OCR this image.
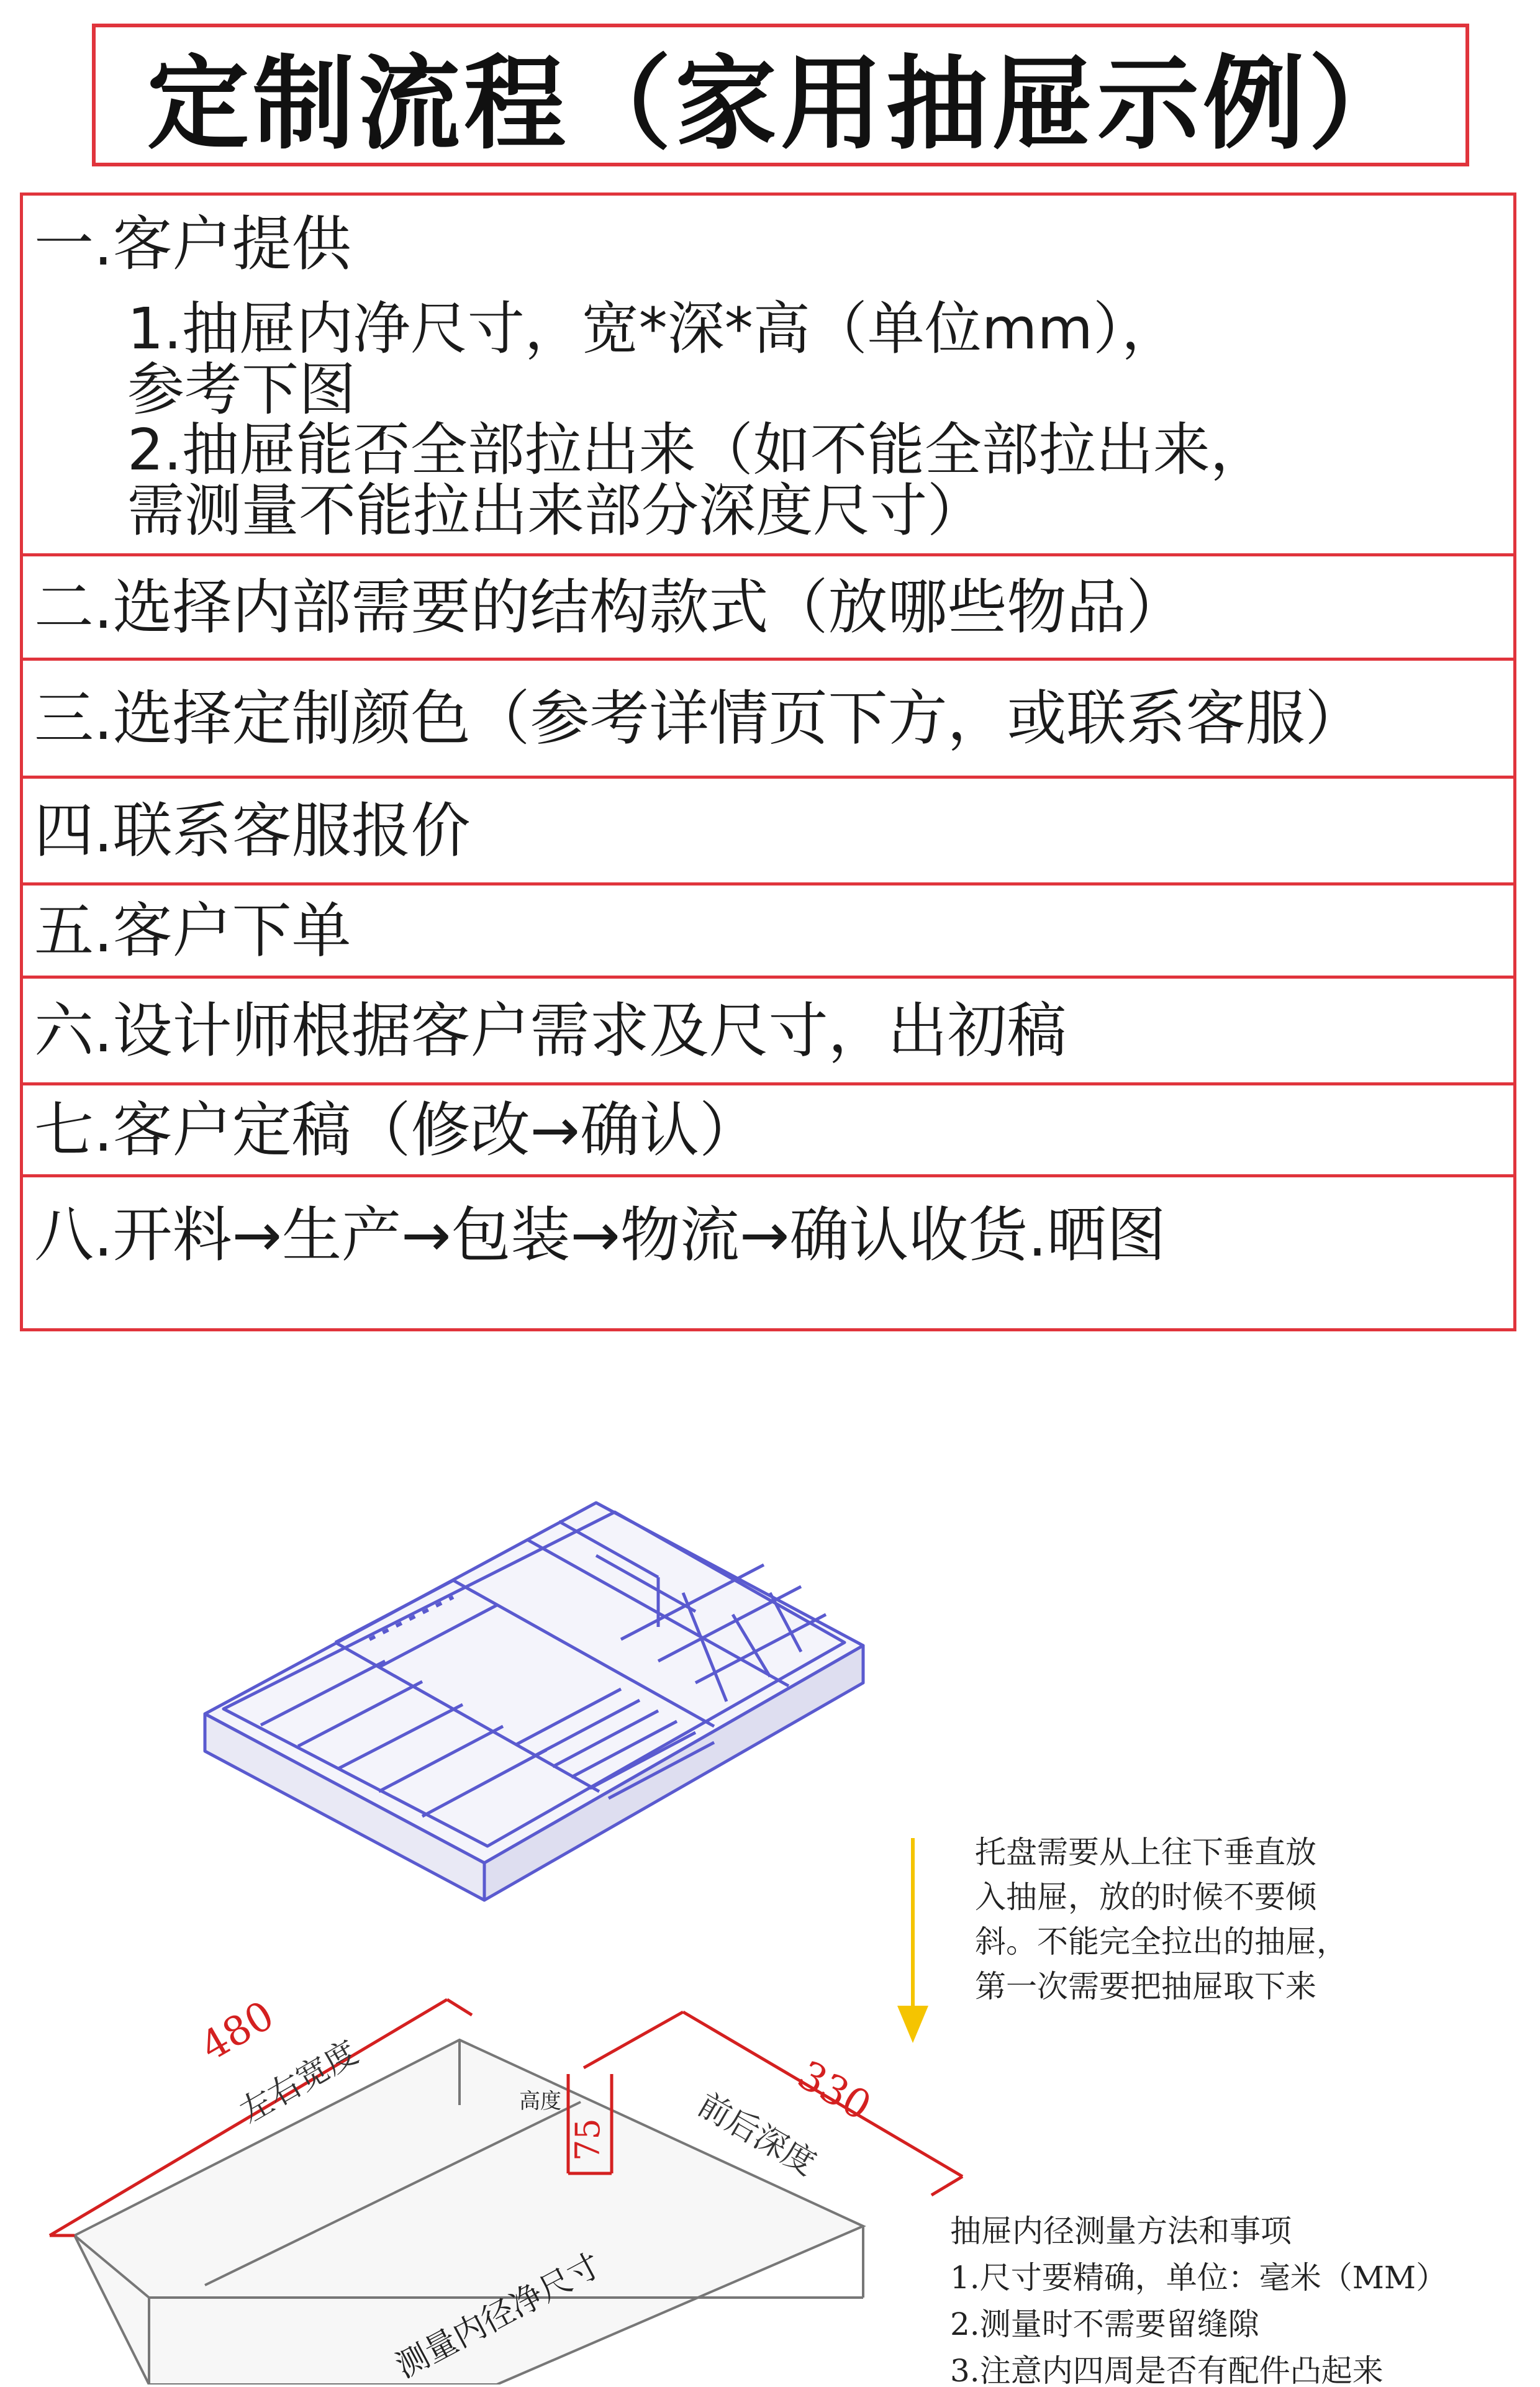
定制流程（家用抽屉示例）
一.客户提供
1.抽屉内净尺寸，宽*深*高（单位mm），
参考下图
2.抽屉能否全部拉出来（如不能全部拉出来，
需测量不能拉出来部分深度尺寸）
二.选择内部需要的结构款式（放哪些物品）
三.选择定制颜色（参考详情页下方，或联系客服）
四.联系客服报价
五.客户下单
六.设计师根据客户需求及尺寸，出初稿
七.客户定稿（修改→确认）
八.开料→生产→包装→物流→确认收货.晒图
托盘需要从上往下垂直放
入抽屉，放的时候不要倾
斜。不能完全拉出的抽屉，
第一次需要把抽屉取下来
480
左右宽度	330
前后深度
高度
75
测量内径净尺寸
抽屉内径测量方法和事项
1.尺寸要精确，单位：毫米（MM）
2.测量时不需要留缝隙
3.注意内四周是否有配件凸起来
